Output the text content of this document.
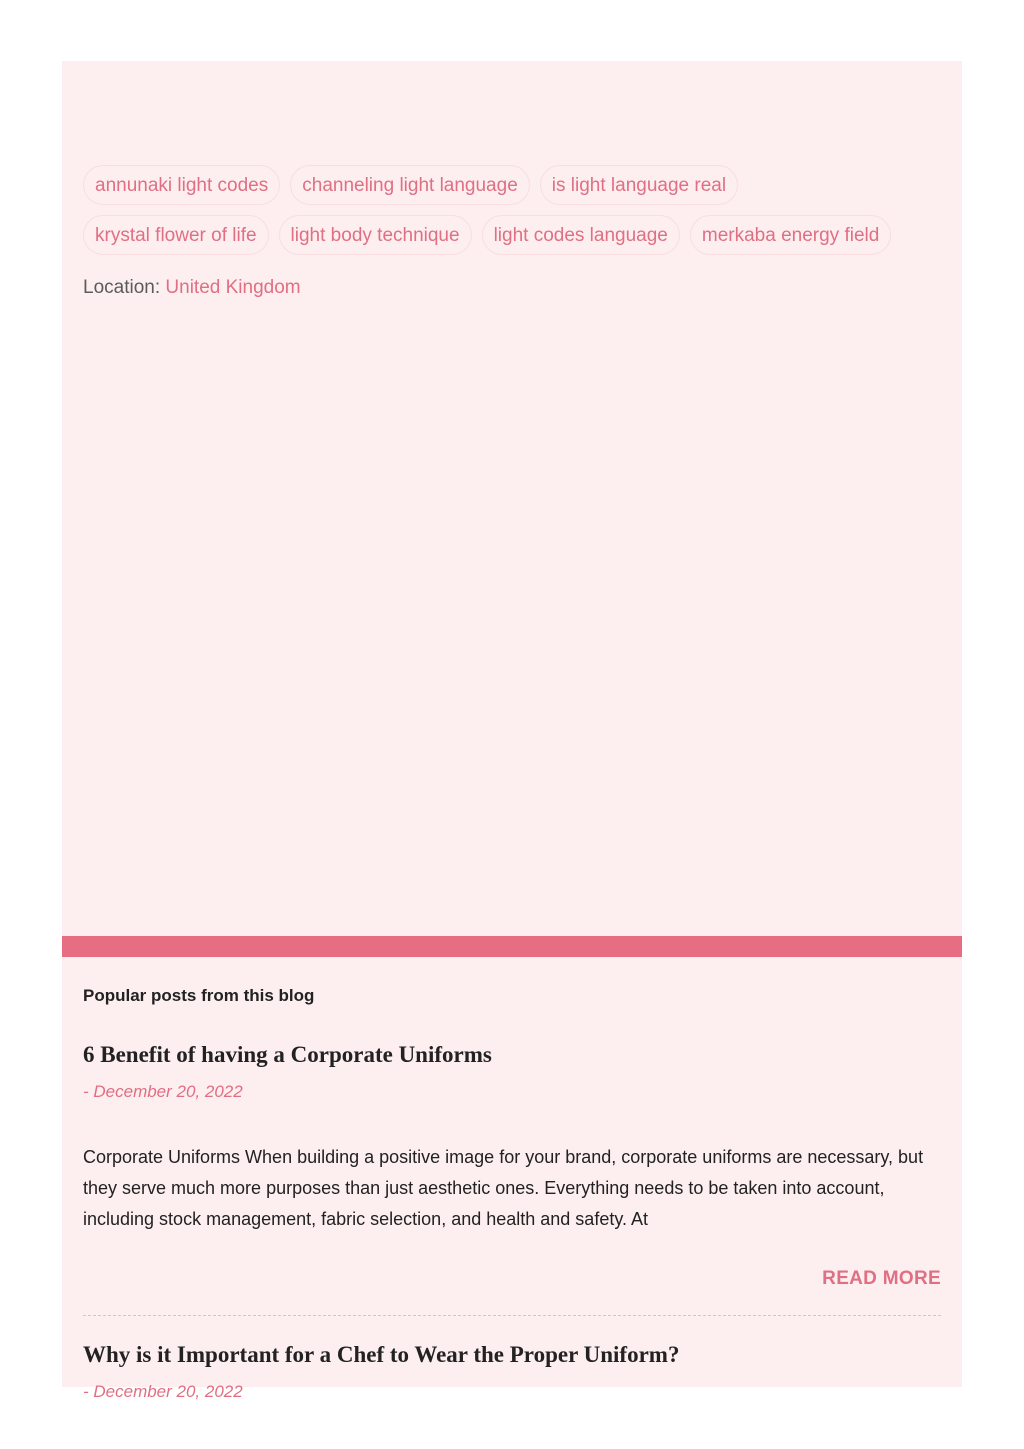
annunaki light codes	channeling light language	is light language real
krystal flower of life	light body technique	light codes language	merkaba energy field
Location: United Kingdom
Popular posts from this blog
6 Benefit of having a Corporate Uniforms
- December 20, 2022
Corporate Uniforms When building a positive image for your brand, corporate uniforms are necessary, but they serve much more purposes than just aesthetic ones. Everything needs to be taken into account, including stock management, fabric selection, and health and safety. At
READ MORE
Why is it Important for a Chef to Wear the Proper Uniform?
- December 20, 2022
